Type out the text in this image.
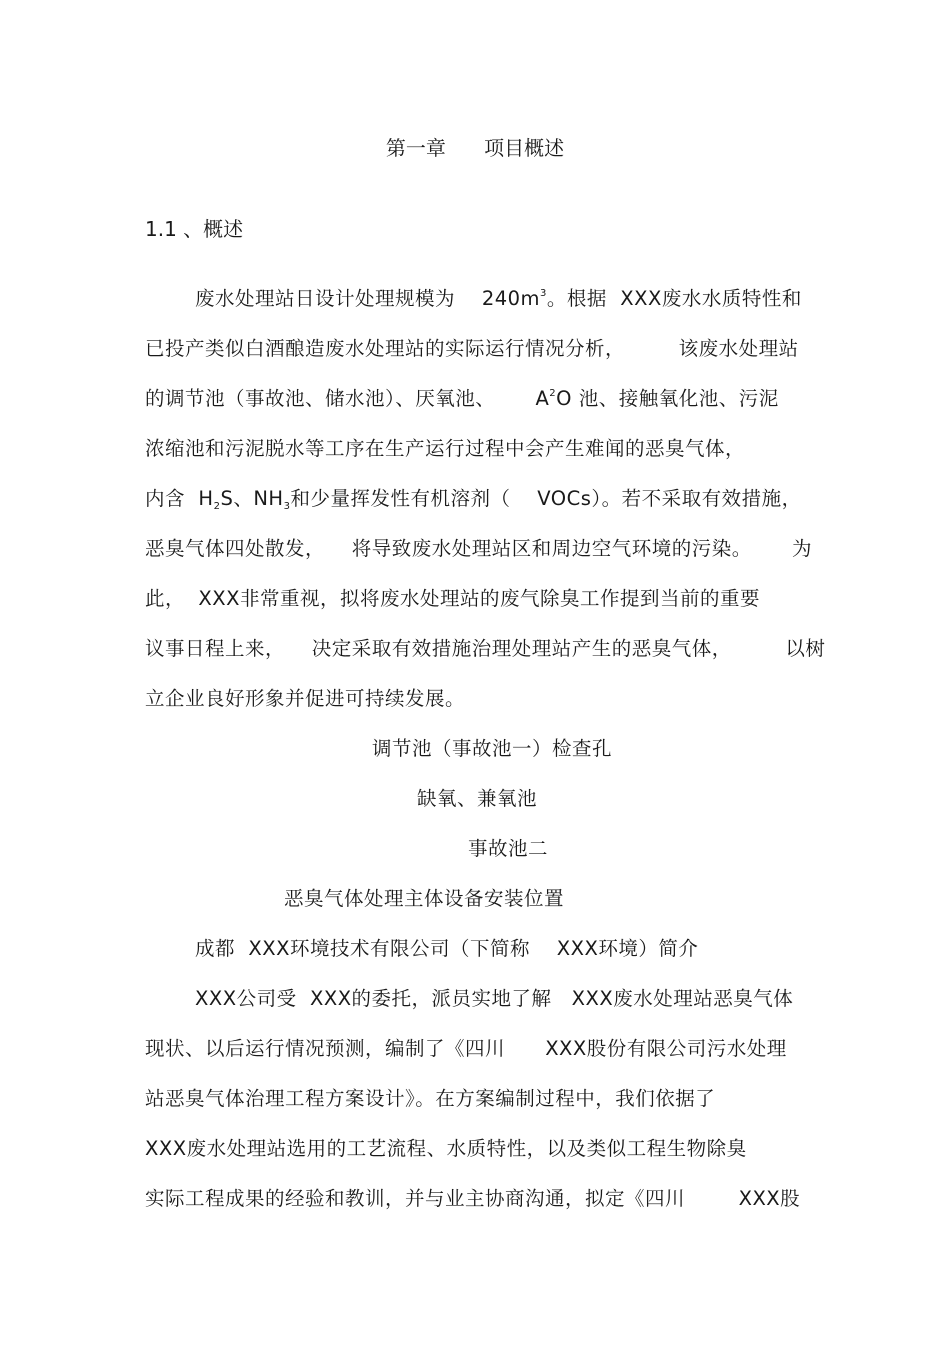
第一章 项目概述
1.1 、概述
废水处理站日设计处理规模为 $240m^3$。根据  XXX废水水质特性和
已投产类似白酒酿造废水处理站的实际运行情况分析，        该废水处理站
的调节池（事故池、储水池）、厌氧池、      $A^2O$ 池、接触氧化池、污泥
浓缩池和污泥脱水等工序在生产运行过程中会产生难闻的恶臭气体，
内含  $H_2S$、$NH_3$和少量挥发性有机溶剂（    VOCs）。若不采取有效措施，
恶臭气体四处散发，    将导致废水处理站区和周边空气环境的污染。      为
此，  XXX非常重视，拟将废水处理站的废气除臭工作提到当前的重要
议事日程上来，    决定采取有效措施治理处理站产生的恶臭气体，        以树
立企业良好形象并促进可持续发展。
调节池（事故池一）检查孔
缺氧、兼氧池
事故池二
恶臭气体处理主体设备安装位置
成都  XXX环境技术有限公司（下简称    XXX环境）简介
XXX公司受  XXX的委托，派员实地了解   XXX废水处理站恶臭气体
现状、以后运行情况预测，编制了《四川      XXX股份有限公司污水处理
站恶臭气体治理工程方案设计》。在方案编制过程中，我们依据了
XXX废水处理站选用的工艺流程、水质特性，以及类似工程生物除臭
实际工程成果的经验和教训，并与业主协商沟通，拟定《四川        XXX股
